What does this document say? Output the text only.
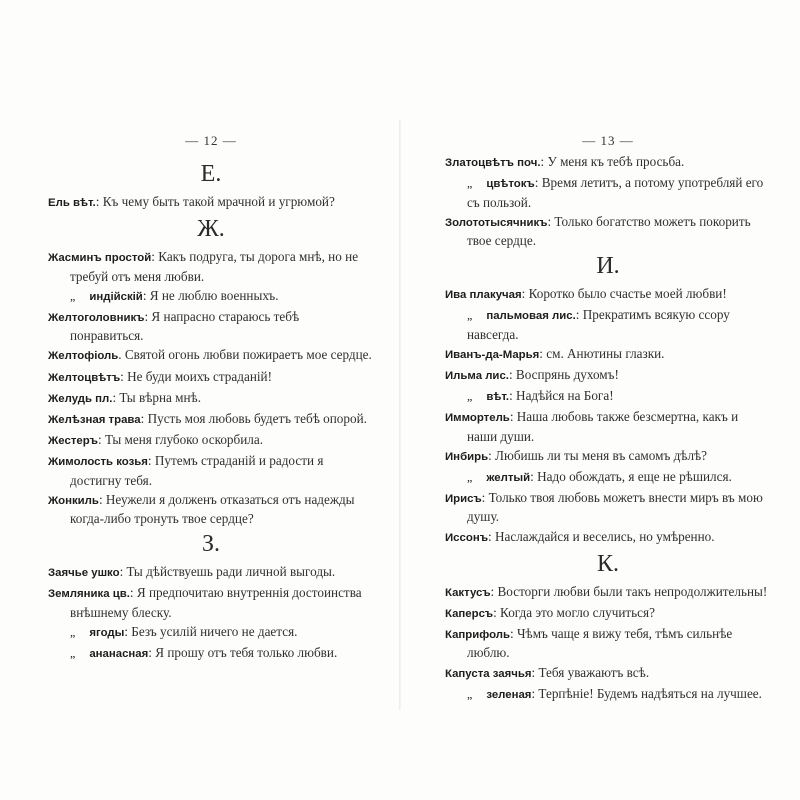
— 12 —
Е.

Ель вѣт.: Къ чему быть такой мрачной и угрюмой?

Ж.

Жасминъ простой: Какъ подруга, ты дорога мнѣ, но не требуй отъ меня любви.

„ индійскій: Я не люблю военныхъ.

Желтоголовникъ: Я напрасно стараюсь тебѣ понравиться.

Желтофіоль. Святой огонь любви пожираетъ мое сердце.

Желтоцвѣтъ: Не буди моихъ страданій!

Желудь пл.: Ты вѣрна мнѣ.

Желѣзная трава: Пусть моя любовь будетъ тебѣ опорой.

Жестеръ: Ты меня глубоко оскорбила.

Жимолость козья: Путемъ страданій и радости я достигну тебя.

Жонкиль: Неужели я долженъ отказаться отъ надежды когда-либо тронуть твое сердце?

З.

Заячье ушко: Ты дѣйствуешь ради личной выгоды.

Земляника цв.: Я предпочитаю внутреннія достоинства внѣшнему блеску.

„ ягоды: Безъ усилій ничего не дается.

„ ананасная: Я прошу отъ тебя только любви.

— 13 —

Златоцвѣтъ поч.: У меня къ тебѣ просьба.

„ цвѣтокъ: Время летитъ, а потому употребляй его съ пользой.

Золототысячникъ: Только богатство можетъ покорить твое сердце.

И.

Ива плакучая: Коротко было счастье моей любви!

„ пальмовая лис.: Прекратимъ всякую ссору навсегда.

Иванъ-да-Марья: см. Анютины глазки.

Ильма лис.: Воспрянь духомъ!

„ вѣт.: Надѣйся на Бога!

Иммортель: Наша любовь также безсмертна, какъ и наши души.

Инбирь: Любишь ли ты меня въ самомъ дѣлѣ?

„ желтый: Надо обождать, я еще не рѣшился.

Ирисъ: Только твоя любовь можетъ внести миръ въ мою душу.

Иссонъ: Наслаждайся и веселись, но умѣренно.

К.

Кактусъ: Восторги любви были такъ непродолжительны!

Каперсъ: Когда это могло случиться?

Каприфоль: Чѣмъ чаще я вижу тебя, тѣмъ сильнѣе люблю.

Капуста заячья: Тебя уважаютъ всѣ.

„ зеленая: Терпѣніе! Будемъ надѣяться на лучшее.
